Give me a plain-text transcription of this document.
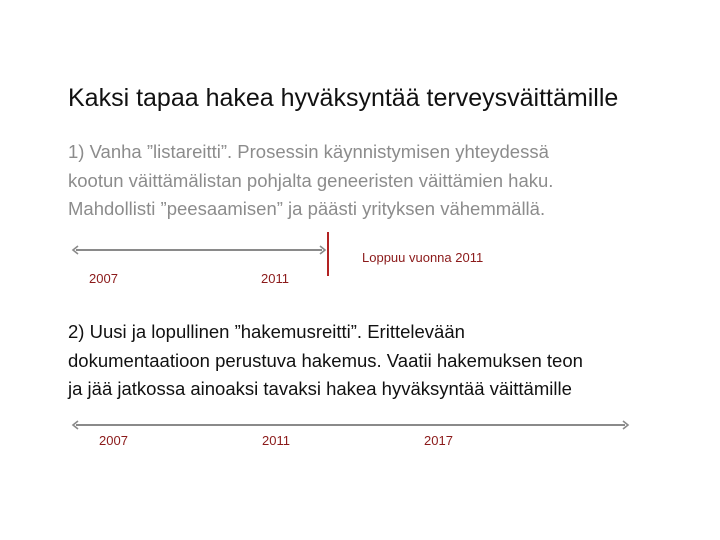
Kaksi tapaa hakea hyväksyntää terveysväittämille
1) Vanha ”listareitti”. Prosessin käynnistymisen yhteydessä
kootun väittämälistan pohjalta geneeristen väittämien haku.
Mahdollisti ”peesaamisen” ja päästi yrityksen vähemmällä.
2007	2011
Loppuu vuonna 2011
2) Uusi ja lopullinen ”hakemusreitti”. Erittelevään
dokumentaatioon perustuva hakemus. Vaatii hakemuksen teon
ja jää jatkossa ainoaksi tavaksi hakea hyväksyntää väittämille
2007	2011	2017
